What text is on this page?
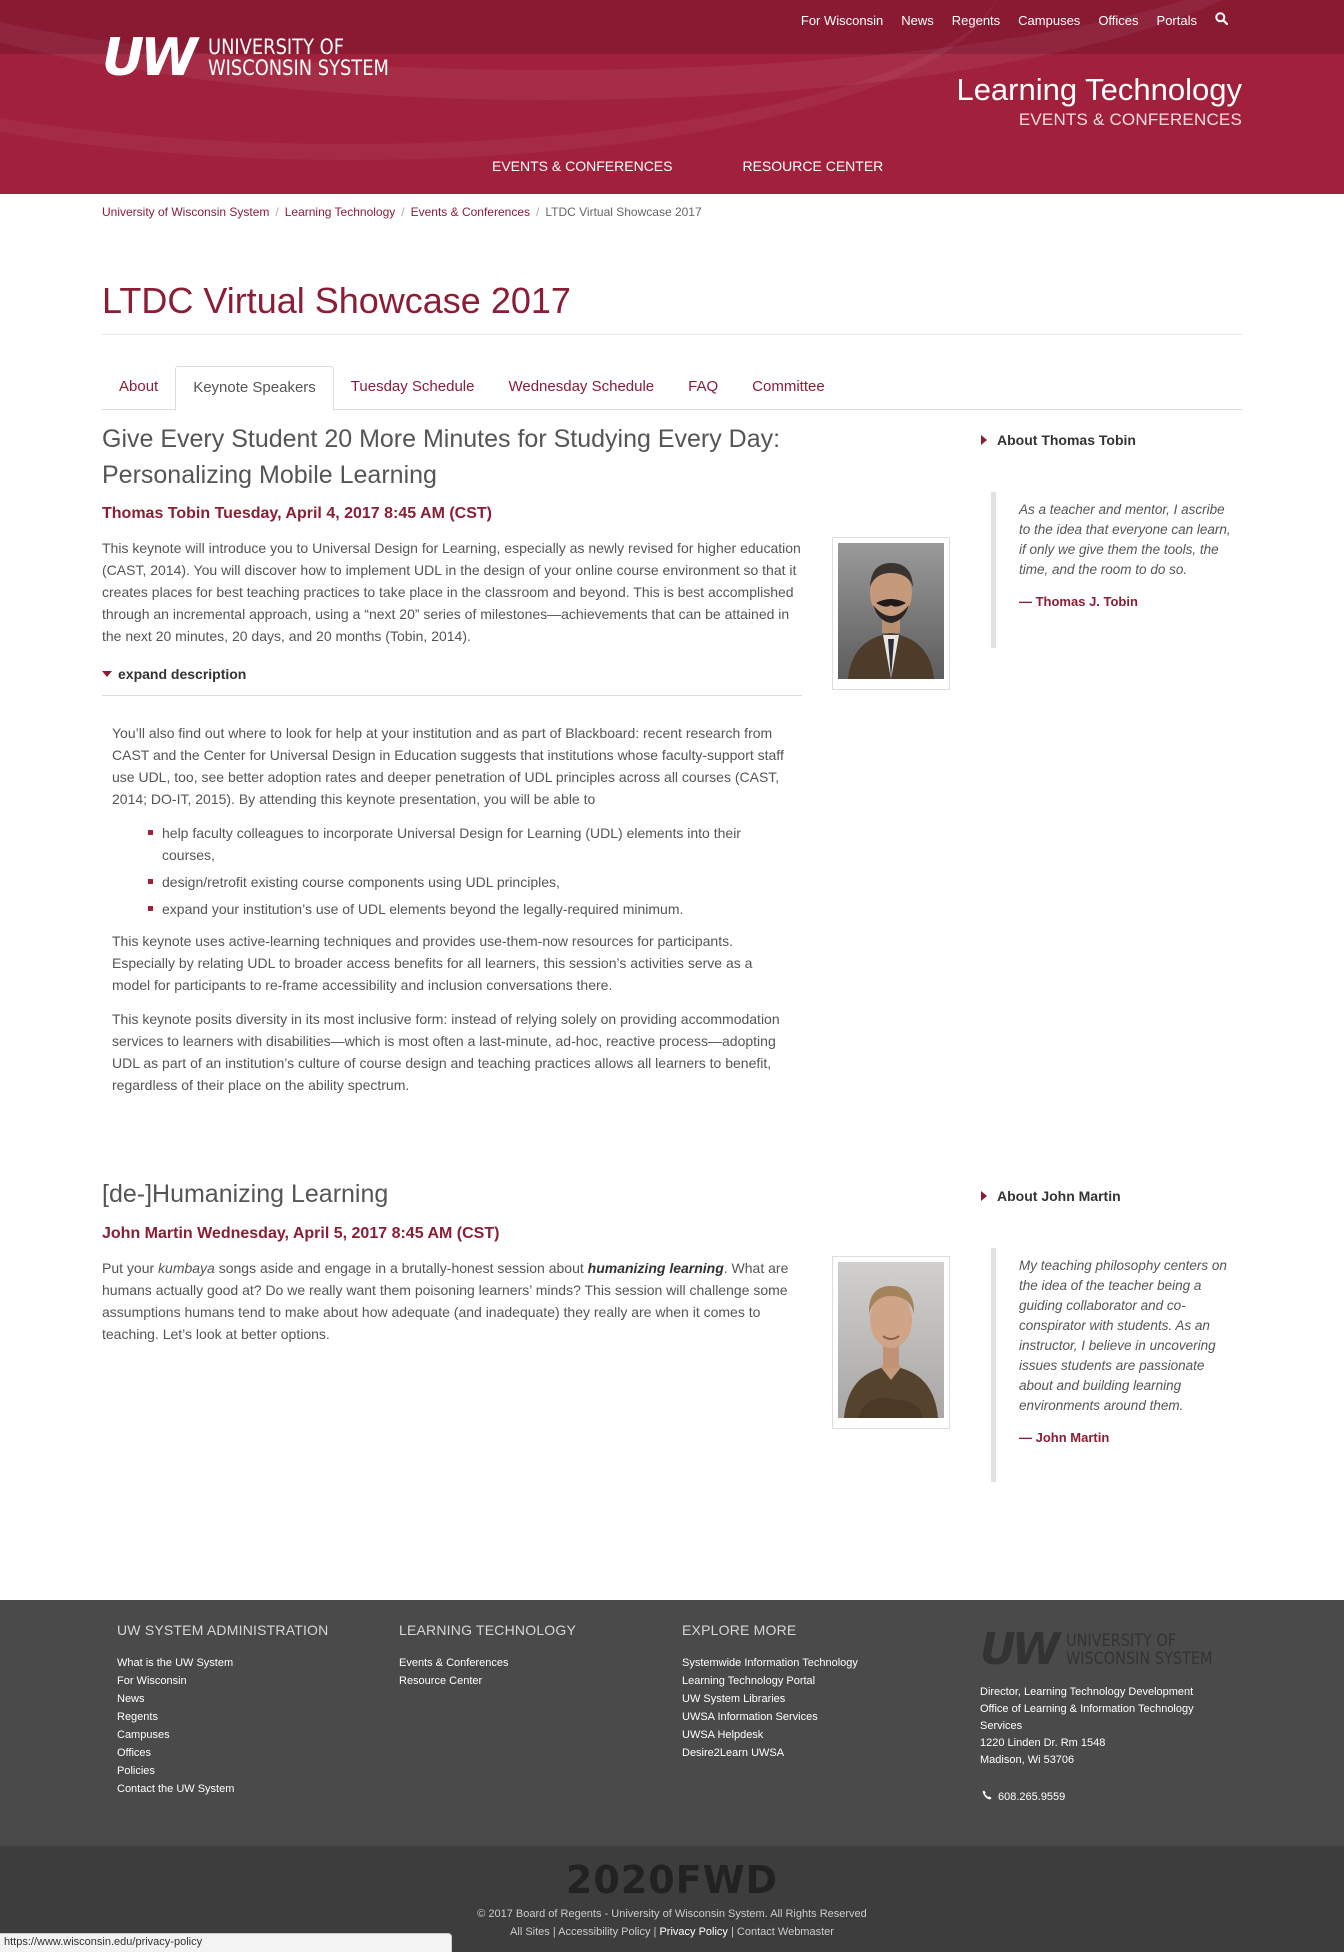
UW UNIVERSITY OF
WISCONSIN SYSTEM
For Wisconsin News Regents Campuses Offices Portals
Learning Technology
EVENTS & CONFERENCES
EVENTS & CONFERENCES	RESOURCE CENTER
University of Wisconsin System / Learning Technology / Events & Conferences / LTDC Virtual Showcase 2017
LTDC Virtual Showcase 2017
About	Keynote Speakers	Tuesday Schedule	Wednesday Schedule	FAQ	Committee
Give Every Student 20 More Minutes for Studying Every Day: Personalizing Mobile Learning
Thomas Tobin Tuesday, April 4, 2017 8:45 AM (CST)

This keynote will introduce you to Universal Design for Learning, especially as newly revised for higher education (CAST, 2014). You will discover how to implement UDL in the design of your online course environment so that it creates places for best teaching practices to take place in the classroom and beyond. This is best accomplished through an incremental approach, using a “next 20” series of milestones—achievements that can be attained in the next 20 minutes, 20 days, and 20 months (Tobin, 2014).

expand description

You’ll also find out where to look for help at your institution and as part of Blackboard: recent research from CAST and the Center for Universal Design in Education suggests that institutions whose faculty-support staff use UDL, too, see better adoption rates and deeper penetration of UDL principles across all courses (CAST, 2014; DO-IT, 2015). By attending this keynote presentation, you will be able to

help faculty colleagues to incorporate Universal Design for Learning (UDL) elements into their courses,
design/retrofit existing course components using UDL principles,
expand your institution’s use of UDL elements beyond the legally-required minimum.

This keynote uses active-learning techniques and provides use-them-now resources for participants. Especially by relating UDL to broader access benefits for all learners, this session’s activities serve as a model for participants to re-frame accessibility and inclusion conversations there.

This keynote posits diversity in its most inclusive form: instead of relying solely on providing accommodation services to learners with disabilities—which is most often a last-minute, ad-hoc, reactive process—adopting UDL as part of an institution’s culture of course design and teaching practices allows all learners to benefit, regardless of their place on the ability spectrum.

About Thomas Tobin
As a teacher and mentor, I ascribe to the idea that everyone can learn, if only we give them the tools, the time, and the room to do so.
— Thomas J. Tobin
[de-]Humanizing Learning
John Martin Wednesday, April 5, 2017 8:45 AM (CST)

Put your kumbaya songs aside and engage in a brutally-honest session about humanizing learning. What are humans actually good at? Do we really want them poisoning learners’ minds? This session will challenge some assumptions humans tend to make about how adequate (and inadequate) they really are when it comes to teaching. Let’s look at better options.

About John Martin
My teaching philosophy centers on the idea of the teacher being a guiding collaborator and co-conspirator with students. As an instructor, I believe in uncovering issues students are passionate about and building learning environments around them.
— John Martin
UW SYSTEM ADMINISTRATION
What is the UW System
For Wisconsin
News
Regents
Campuses
Offices
Policies
Contact the UW System
LEARNING TECHNOLOGY
Events & Conferences
Resource Center
EXPLORE MORE
Systemwide Information Technology
Learning Technology Portal
UW System Libraries
UWSA Information Services
UWSA Helpdesk
Desire2Learn UWSA
UW UNIVERSITY OF
WISCONSIN SYSTEM
Director, Learning Technology Development
Office of Learning & Information Technology Services
1220 Linden Dr. Rm 1548
Madison, Wi 53706
608.265.9559
2020FWD
© 2017 Board of Regents - University of Wisconsin System. All Rights Reserved
All Sites | Accessibility Policy | Privacy Policy | Contact Webmaster
https://www.wisconsin.edu/privacy-policy
